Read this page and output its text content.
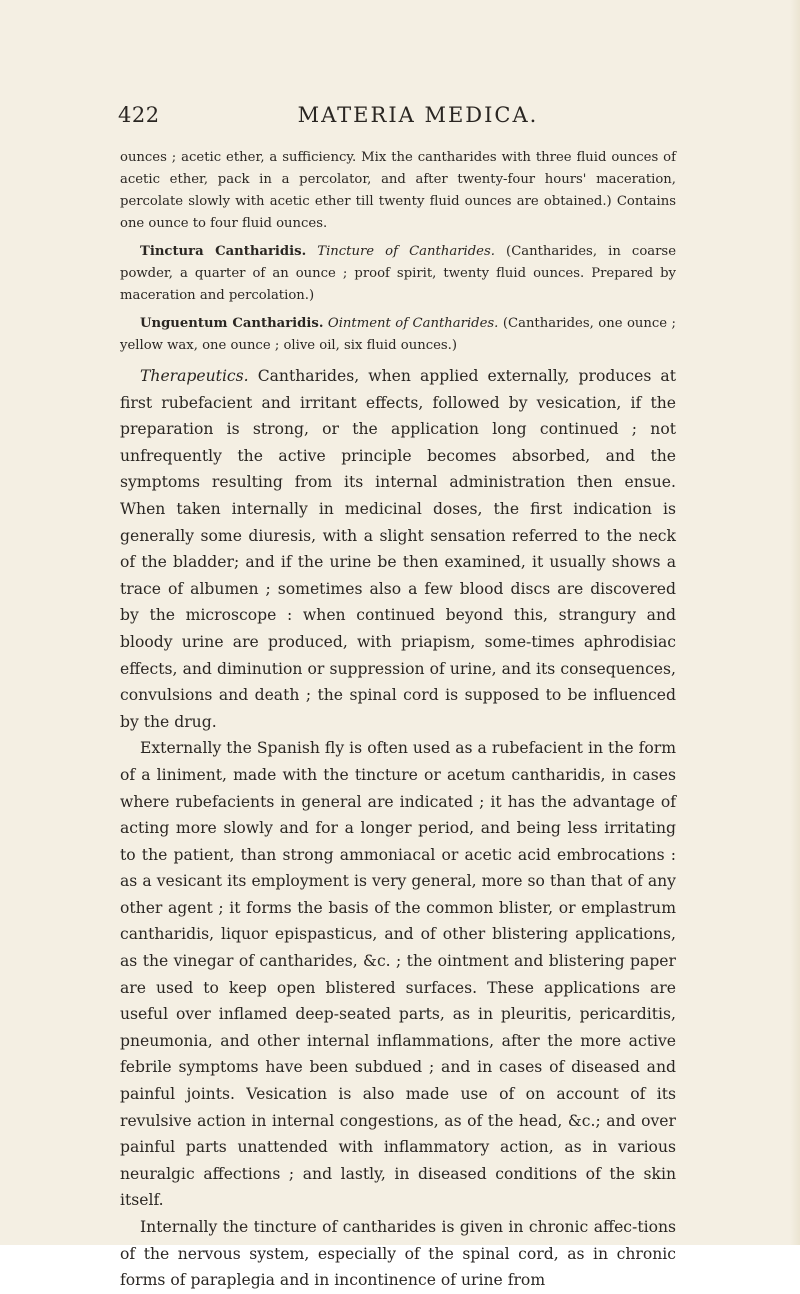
422	MATERIA MEDICA.

ounces ; acetic ether, a sufficiency. Mix the cantharides with three fluid ounces of acetic ether, pack in a percolator, and after twenty-four hours' maceration, percolate slowly with acetic ether till twenty fluid ounces are obtained.) Contains one ounce to four fluid ounces.

Tinctura Cantharidis. Tincture of Cantharides. (Cantharides, in coarse powder, a quarter of an ounce ; proof spirit, twenty fluid ounces. Prepared by maceration and percolation.)

Unguentum Cantharidis. Ointment of Cantharides. (Cantharides, one ounce ; yellow wax, one ounce ; olive oil, six fluid ounces.)

Therapeutics. Cantharides, when applied externally, produces at first rubefacient and irritant effects, followed by vesication, if the preparation is strong, or the application long continued ; not unfrequently the active principle becomes absorbed, and the symptoms resulting from its internal administration then ensue. When taken internally in medicinal doses, the first indication is generally some diuresis, with a slight sensation referred to the neck of the bladder; and if the urine be then examined, it usually shows a trace of albumen ; sometimes also a few blood discs are discovered by the microscope : when continued beyond this, strangury and bloody urine are produced, with priapism, some-times aphrodisiac effects, and diminution or suppression of urine, and its consequences, convulsions and death ; the spinal cord is supposed to be influenced by the drug.

Externally the Spanish fly is often used as a rubefacient in the form of a liniment, made with the tincture or acetum cantharidis, in cases where rubefacients in general are indicated ; it has the advantage of acting more slowly and for a longer period, and being less irritating to the patient, than strong ammoniacal or acetic acid embrocations : as a vesicant its employment is very general, more so than that of any other agent ; it forms the basis of the common blister, or emplastrum cantharidis, liquor epispasticus, and of other blistering applications, as the vinegar of cantharides, &c. ; the ointment and blistering paper are used to keep open blistered surfaces. These applications are useful over inflamed deep-seated parts, as in pleuritis, pericarditis, pneumonia, and other internal inflammations, after the more active febrile symptoms have been subdued ; and in cases of diseased and painful joints. Vesication is also made use of on account of its revulsive action in internal congestions, as of the head, &c.; and over painful parts unattended with inflammatory action, as in various neuralgic affections ; and lastly, in diseased conditions of the skin itself.

Internally the tincture of cantharides is given in chronic affec-tions of the nervous system, especially of the spinal cord, as in chronic forms of paraplegia and in incontinence of urine from
